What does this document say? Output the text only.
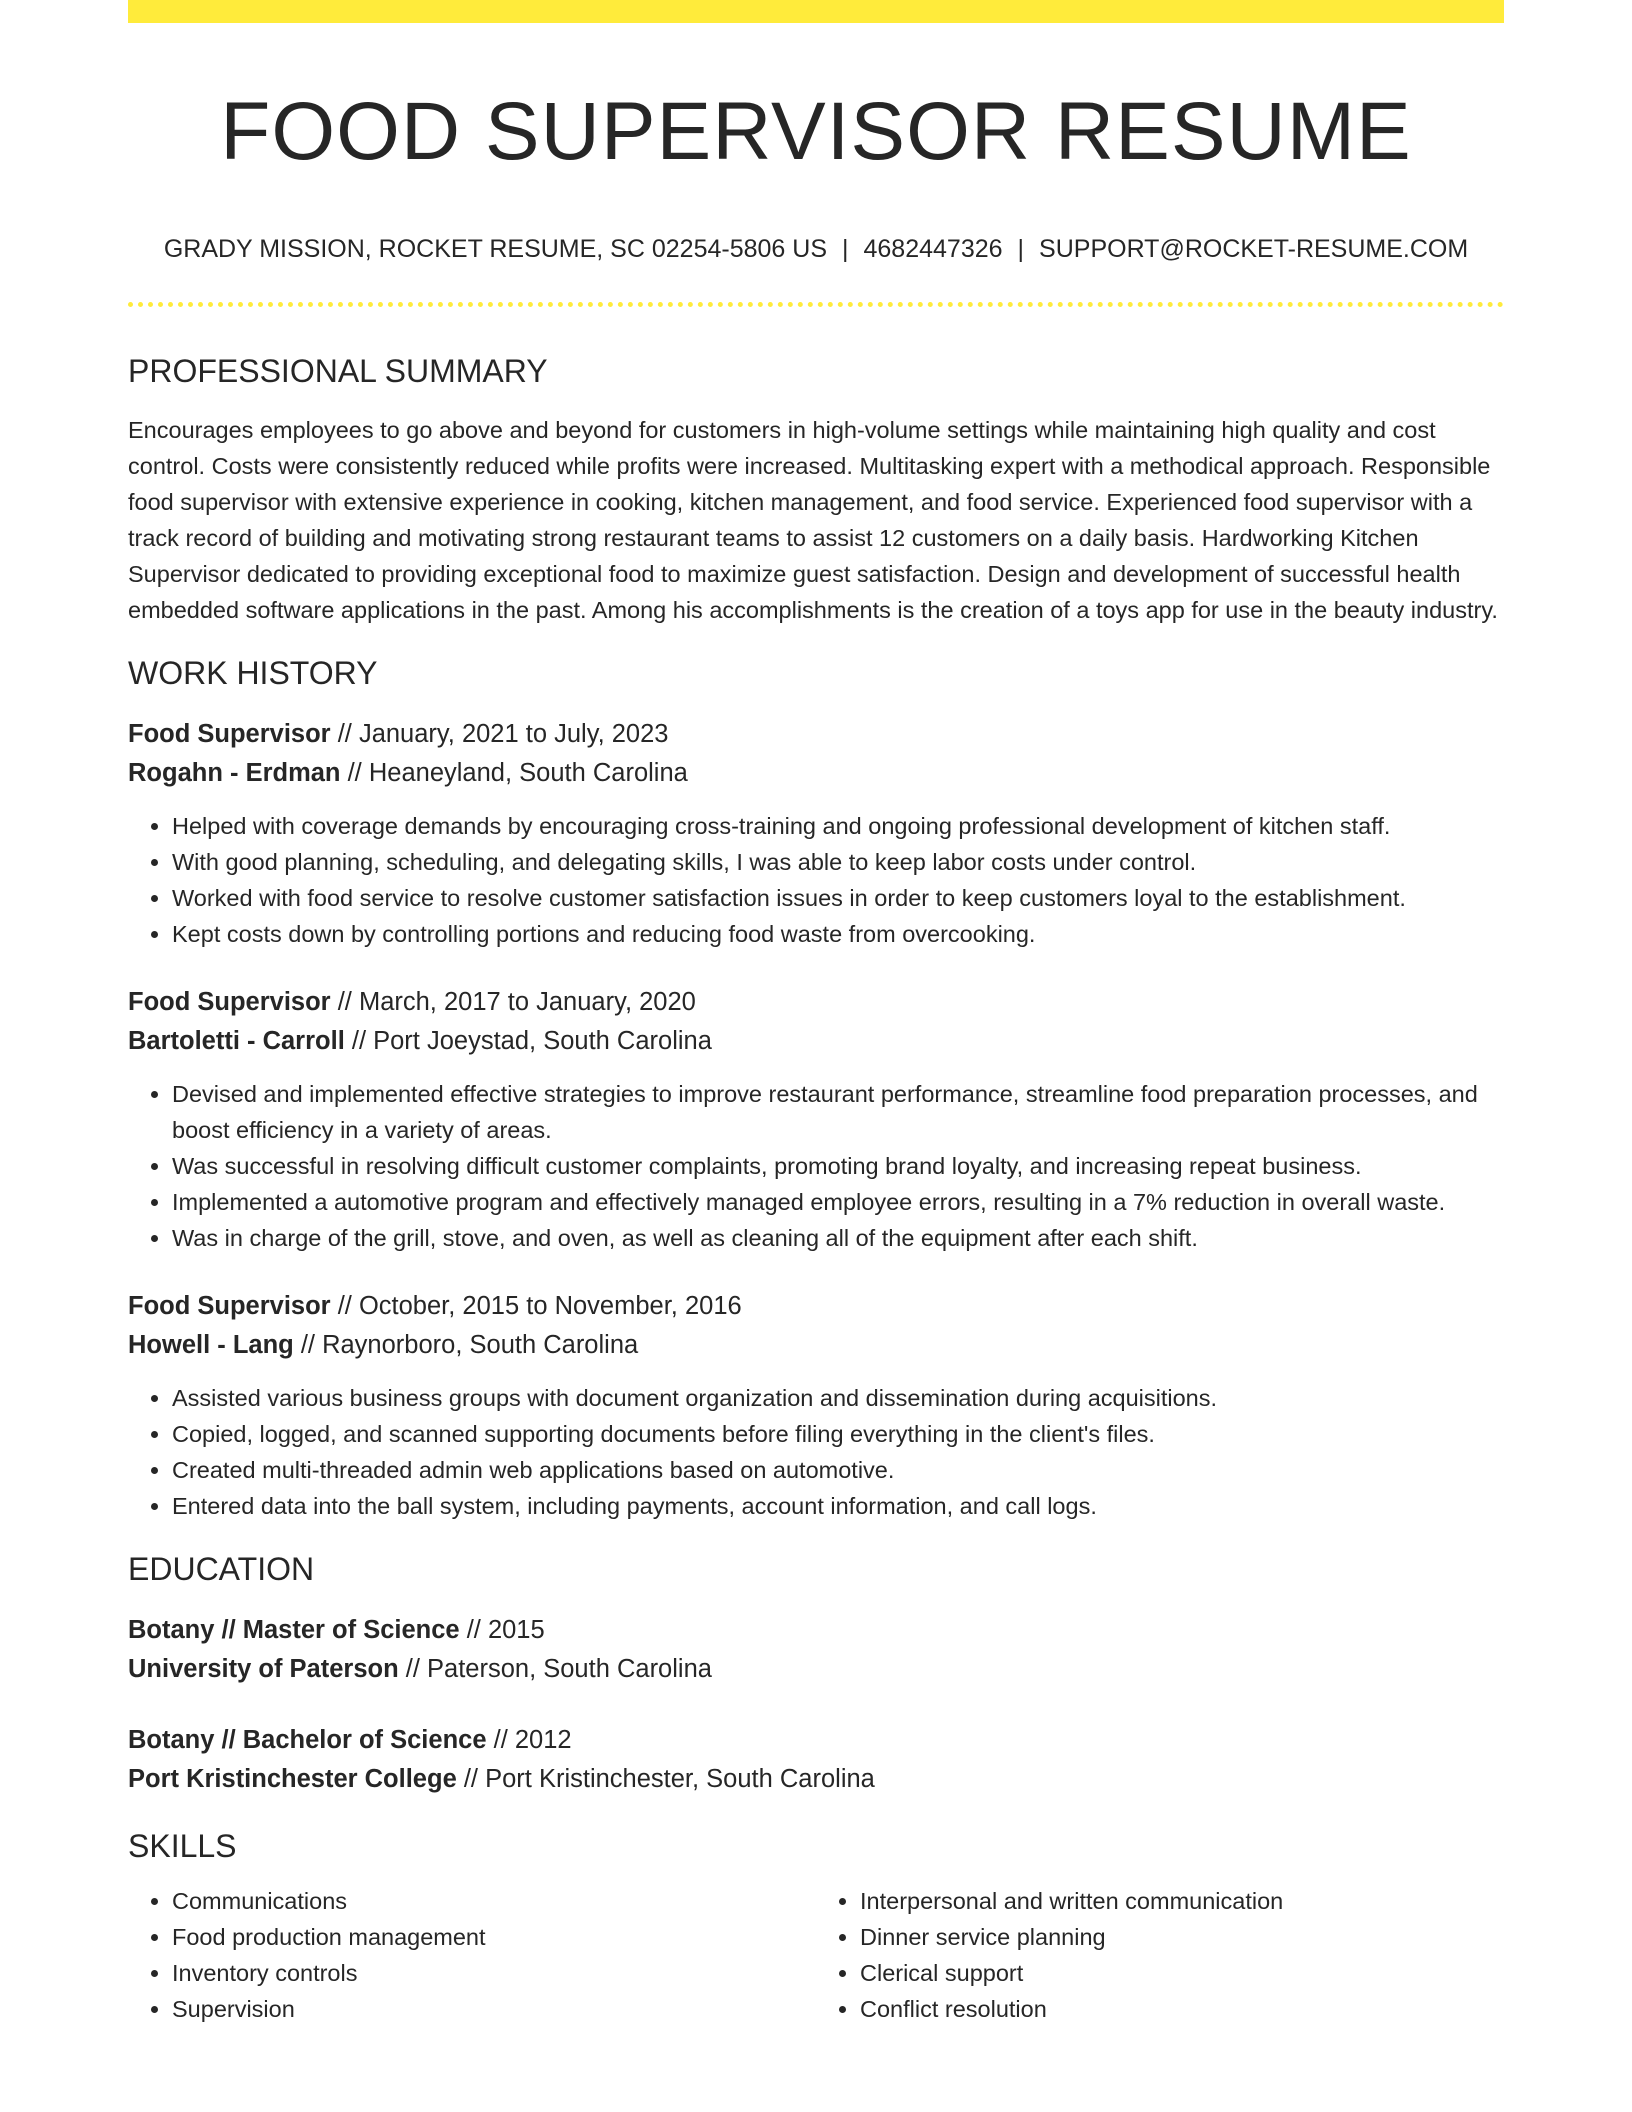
FOOD SUPERVISOR RESUME
GRADY MISSION, ROCKET RESUME, SC 02254-5806 US | 4682447326 | SUPPORT@ROCKET-RESUME.COM
PROFESSIONAL SUMMARY

Encourages employees to go above and beyond for customers in high-volume settings while maintaining high quality and cost control. Costs were consistently reduced while profits were increased. Multitasking expert with a methodical approach. Responsible food supervisor with extensive experience in cooking, kitchen management, and food service. Experienced food supervisor with a track record of building and motivating strong restaurant teams to assist 12 customers on a daily basis. Hardworking Kitchen Supervisor dedicated to providing exceptional food to maximize guest satisfaction. Design and development of successful health embedded software applications in the past. Among his accomplishments is the creation of a toys app for use in the beauty industry.

WORK HISTORY
Food Supervisor // January, 2021 to July, 2023
Rogahn - Erdman // Heaneyland, South Carolina
• Helped with coverage demands by encouraging cross-training and ongoing professional development of kitchen staff.
• With good planning, scheduling, and delegating skills, I was able to keep labor costs under control.
• Worked with food service to resolve customer satisfaction issues in order to keep customers loyal to the establishment.
• Kept costs down by controlling portions and reducing food waste from overcooking.
Food Supervisor // March, 2017 to January, 2020
Bartoletti - Carroll // Port Joeystad, South Carolina
• Devised and implemented effective strategies to improve restaurant performance, streamline food preparation processes, and boost efficiency in a variety of areas.
• Was successful in resolving difficult customer complaints, promoting brand loyalty, and increasing repeat business.
• Implemented a automotive program and effectively managed employee errors, resulting in a 7% reduction in overall waste.
• Was in charge of the grill, stove, and oven, as well as cleaning all of the equipment after each shift.
Food Supervisor // October, 2015 to November, 2016
Howell - Lang // Raynorboro, South Carolina
• Assisted various business groups with document organization and dissemination during acquisitions.
• Copied, logged, and scanned supporting documents before filing everything in the client's files.
• Created multi-threaded admin web applications based on automotive.
• Entered data into the ball system, including payments, account information, and call logs.
EDUCATION
Botany // Master of Science // 2015
University of Paterson // Paterson, South Carolina
Botany // Bachelor of Science // 2012
Port Kristinchester College // Port Kristinchester, South Carolina
SKILLS
• Communications
• Food production management
• Inventory controls
• Supervision
• Interpersonal and written communication
• Dinner service planning
• Clerical support
• Conflict resolution
